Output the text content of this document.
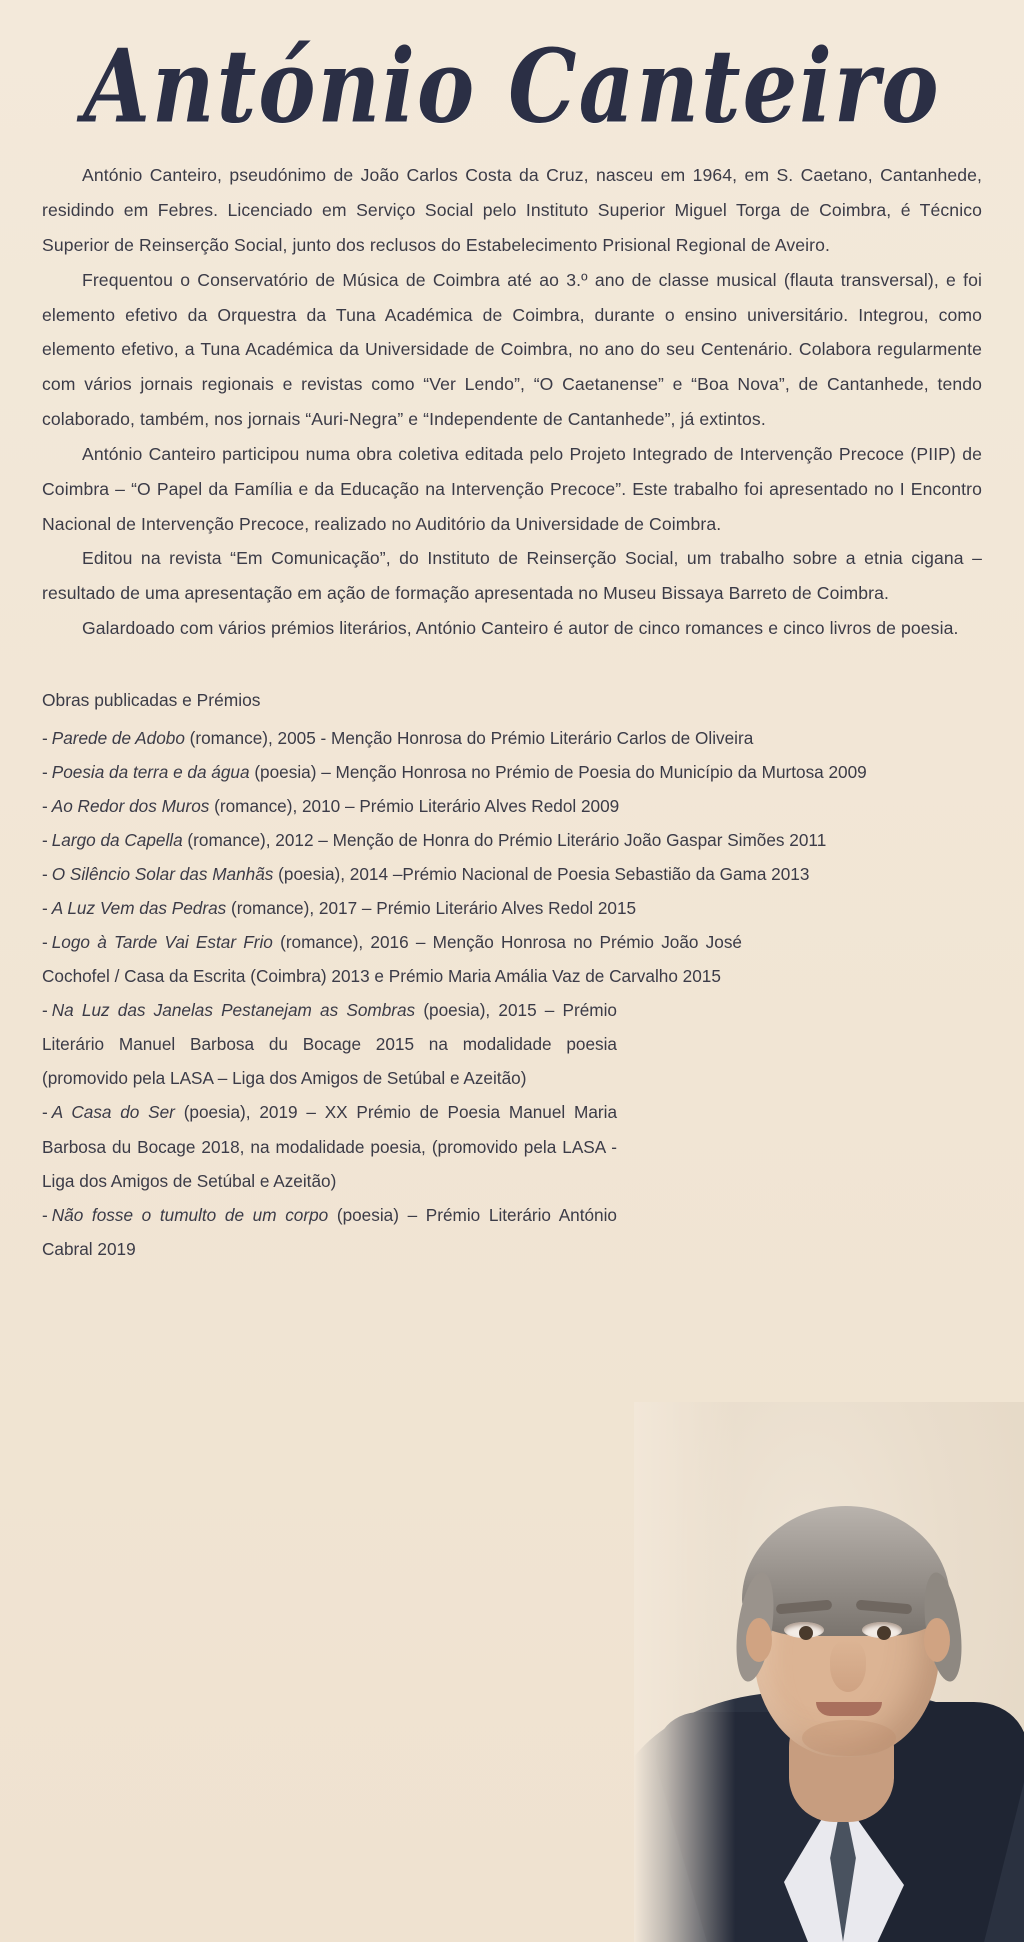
António Canteiro

António Canteiro, pseudónimo de João Carlos Costa da Cruz, nasceu em 1964, em S. Caetano, Cantanhede, residindo em Febres. Licenciado em Serviço Social pelo Instituto Superior Miguel Torga de Coimbra, é Técnico Superior de Reinserção Social, junto dos reclusos do Estabelecimento Prisional Regional de Aveiro.

Frequentou o Conservatório de Música de Coimbra até ao 3.º ano de classe musical (flauta transversal), e foi elemento efetivo da Orquestra da Tuna Académica de Coimbra, durante o ensino universitário. Integrou, como elemento efetivo, a Tuna Académica da Universidade de Coimbra, no ano do seu Centenário. Colabora regularmente com vários jornais regionais e revistas como “Ver Lendo”, “O Caetanense” e “Boa Nova”, de Cantanhede, tendo colaborado, também, nos jornais “Auri-Negra” e “Independente de Cantanhede”, já extintos.

António Canteiro participou numa obra coletiva editada pelo Projeto Integrado de Intervenção Precoce (PIIP) de Coimbra – “O Papel da Família e da Educação na Intervenção Precoce”. Este trabalho foi apresentado no I Encontro Nacional de Intervenção Precoce, realizado no Auditório da Universidade de Coimbra.

Editou na revista “Em Comunicação”, do Instituto de Reinserção Social, um trabalho sobre a etnia cigana – resultado de uma apresentação em ação de formação apresentada no Museu Bissaya Barreto de Coimbra.

Galardoado com vários prémios literários, António Canteiro é autor de cinco romances e cinco livros de poesia.

Obras publicadas e Prémios
- Parede de Adobo (romance), 2005 - Menção Honrosa do Prémio Literário Carlos de Oliveira
- Poesia da terra e da água (poesia) – Menção Honrosa no Prémio de Poesia do Município da Murtosa 2009
- Ao Redor dos Muros (romance), 2010 – Prémio Literário Alves Redol 2009
- Largo da Capella (romance), 2012 – Menção de Honra do Prémio Literário João Gaspar Simões 2011
- O Silêncio Solar das Manhãs (poesia), 2014 –Prémio Nacional de Poesia Sebastião da Gama 2013
- A Luz Vem das Pedras (romance), 2017 – Prémio Literário Alves Redol 2015
- Logo à Tarde Vai Estar Frio (romance), 2016 – Menção Honrosa no Prémio João José Cochofel / Casa da Escrita (Coimbra) 2013 e Prémio Maria Amália Vaz de Carvalho 2015
- Na Luz das Janelas Pestanejam as Sombras (poesia), 2015 – Prémio Literário Manuel Barbosa du Bocage 2015 na modalidade poesia (promovido pela LASA – Liga dos Amigos de Setúbal e Azeitão)
- A Casa do Ser (poesia), 2019 – XX Prémio de Poesia Manuel Maria Barbosa du Bocage 2018, na modalidade poesia, (promovido pela LASA - Liga dos Amigos de Setúbal e Azeitão)
- Não fosse o tumulto de um corpo (poesia) – Prémio Literário António Cabral 2019
